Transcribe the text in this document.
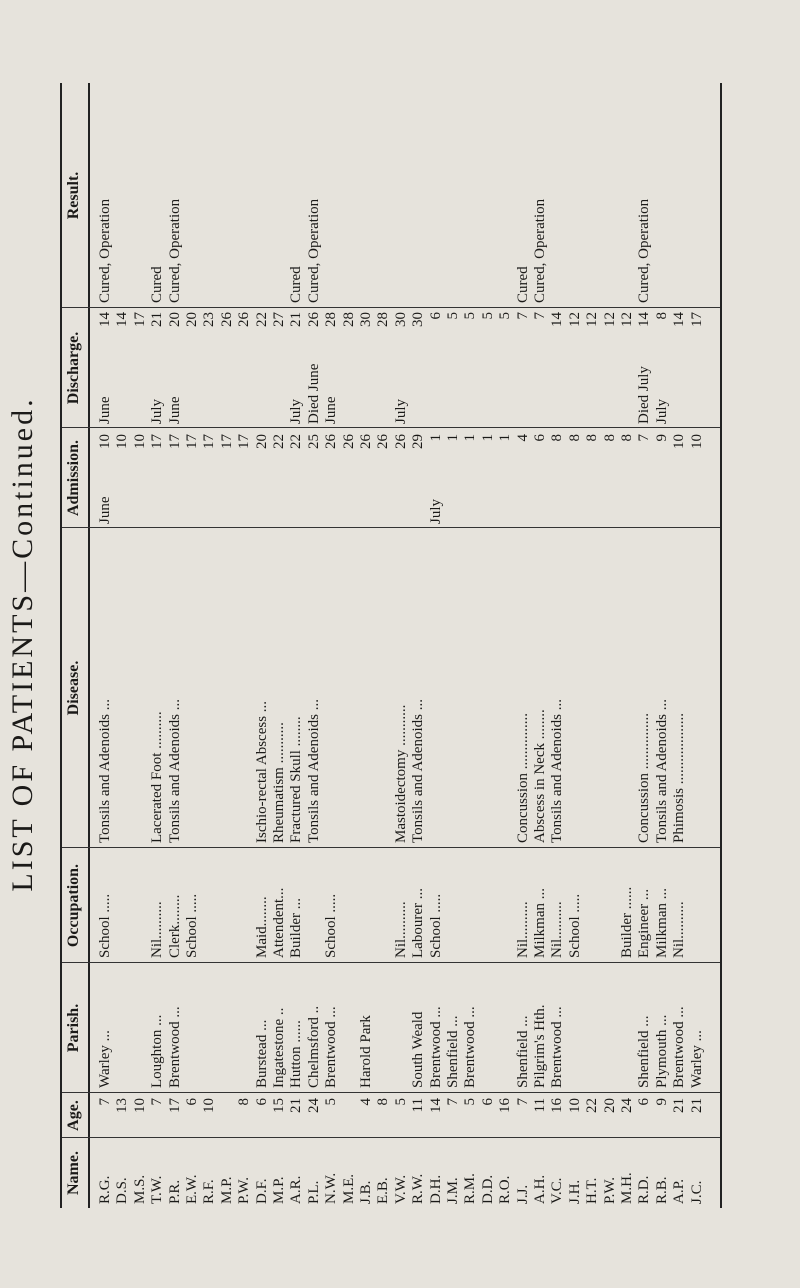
LIST OF PATIENTS—Continued.
Name.
Age.
Parish.
Occupation.
Disease.
Admission.
Discharge.
Result.
R.G.
7
Warley ...
School .....
Tonsils and Adenoids ...
June
10
June
14
Cured, Operation
D.S.
13
10
14
M.S.
10
10
17
T.W.
7
Loughton ...
Nil..........
Lacerated Foot ..........
17
July
21
Cured
P.R.
17
Brentwood ...
Clerk........
Tonsils and Adenoids ...
17
June
20
Cured, Operation
E.W.
6
School .....
17
20
R.F.
10
17
23
M.P.
17
26
P.W.
8
17
26
D.F.
6
Burstead ...
Maid........
Ischio-rectal Abscess ...
20
22
M.P.
15
Ingatestone ..
Attendent...
Rheumatism ...........
22
27
A.R.
21
Hutton ......
Builder ...
Fractured Skull ........
22
July
21
Cured
P.L.
24
Chelmsford ..
Tonsils and Adenoids ...
25
Died June
26
Cured, Operation
N.W.
5
Brentwood ...
School .....
26
June
28
M.E.
26
28
J.B.
4
Harold Park
26
30
E.B.
8
26
28
V.W.
5
Nil..........
Mastoidectomy ...........
26
July
30
R.W.
11
South Weald
Labourer ...
Tonsils and Adenoids ...
29
30
D.H.
14
Brentwood ...
School .....
July
1
6
J.M.
7
Shenfield ...
1
5
R.M.
5
Brentwood ...
1
5
D.D.
6
1
5
R.O.
16
1
5
J.J.
7
Shenfield ...
Nil..........
Concussion ...............
4
7
Cured
A.H.
11
Pilgrim's Hth.
Milkman ...
Abscess in Neck ........
6
7
Cured, Operation
V.C.
16
Brentwood ...
Nil..........
Tonsils and Adenoids ...
8
14
J.H.
10
School .....
8
12
H.T.
22
8
12
P.W.
20
8
12
M.H.
24
Builder ......
8
12
R.D.
6
Shenfield ...
Engineer ...
Concussion ...............
7
Died July
14
Cured, Operation
R.B.
9
Plymouth ...
Milkman ...
Tonsils and Adenoids ...
9
July
8
A.P.
21
Brentwood ...
Nil..........
Phimosis ...................
10
14
J.C.
21
Warley ...
10
17
